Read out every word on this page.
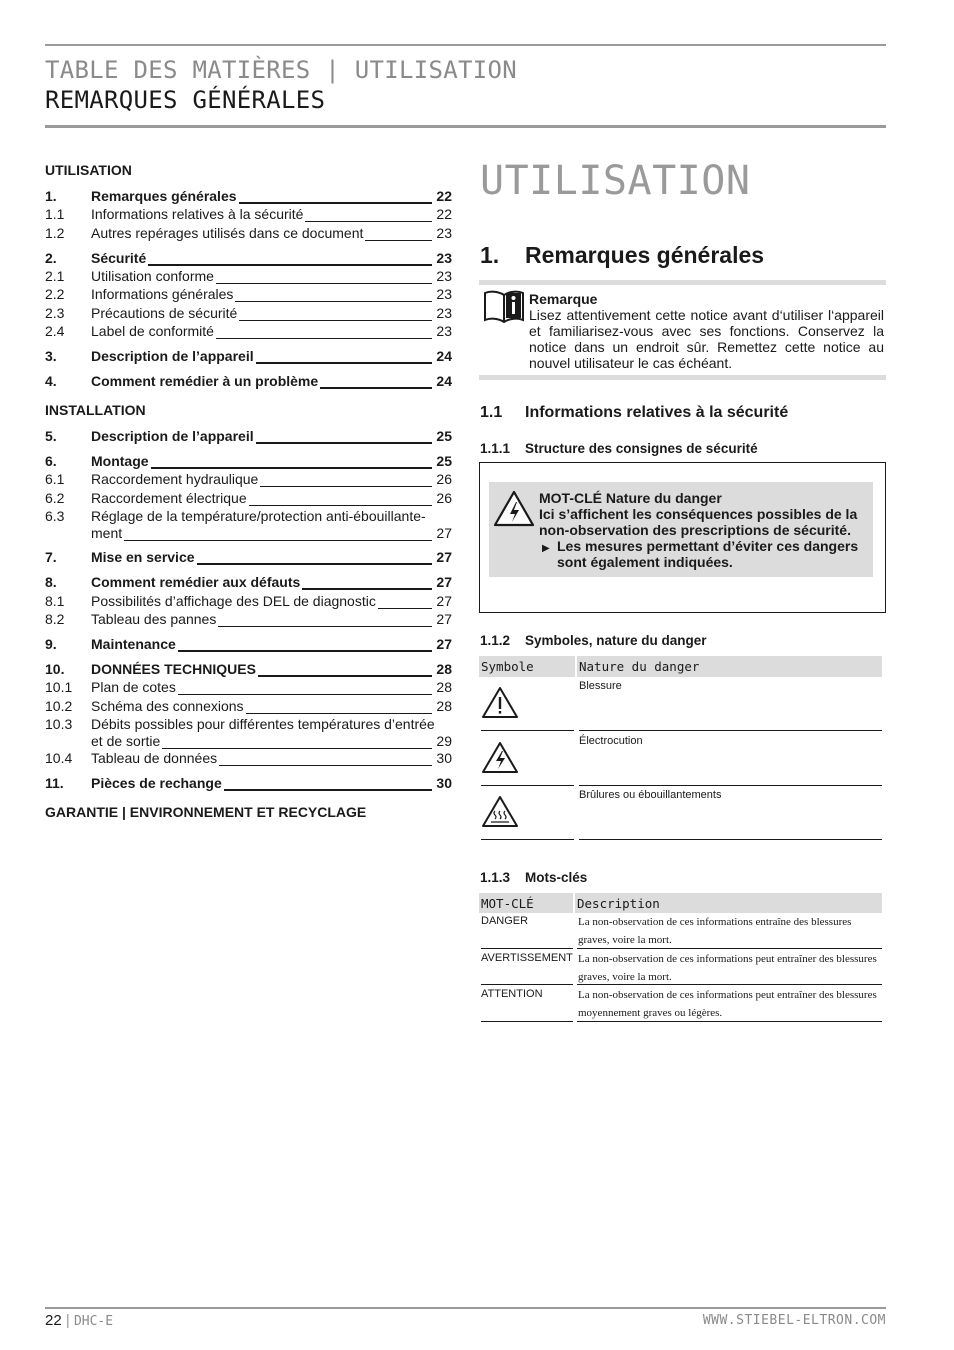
TABLE DES MATIÈRES | UTILISATION
REMARQUES GÉNÉRALES
UTILISATION
1. Remarques générales	22
1.1 Informations relatives à la sécurité	22
1.2 Autres repérages utilisés dans ce document	23
2. Sécurité	23
2.1 Utilisation conforme	23
2.2 Informations générales	23
2.3 Précautions de sécurité	23
2.4 Label de conformité	23
3. Description de l’appareil	24
4. Comment remédier à un problème	24
INSTALLATION
5. Description de l’appareil	25
6. Montage	25
6.1 Raccordement hydraulique	26
6.2 Raccordement électrique	26
6.3 Réglage de la température/protection anti-ébouillante-
ment	27
7. Mise en service	27
8. Comment remédier aux défauts	27
8.1 Possibilités d’affichage des DEL de diagnostic	27
8.2 Tableau des pannes	27
9. Maintenance	27
10. DONNÉES TECHNIQUES	28
10.1 Plan de cotes	28
10.2 Schéma des connexions	28
10.3 Débits possibles pour différentes températures d’entrée
et de sortie	29
10.4 Tableau de données	30
11. Pièces de rechange	30
GARANTIE | ENVIRONNEMENT ET RECYCLAGE
UTILISATION
1. Remarques générales
Remarque
Lisez attentivement cette notice avant d‘utiliser l‘appareil et familiarisez-vous avec ses fonctions. Conservez la notice dans un endroit sûr. Remettez cette notice au nouvel utilisateur le cas échéant.
1.1 Informations relatives à la sécurité
1.1.1 Structure des consignes de sécurité
MOT-CLÉ Nature du danger
Ici s’affichent les conséquences possibles de la non-observation des prescriptions de sécurité.
▶ Les mesures permettant d’éviter ces dangers sont également indiquées.
1.1.2 Symboles, nature du danger
Symbole	Nature du danger
Blessure
Électrocution
Brûlures ou ébouillantements
1.1.3 Mots-clés
MOT-CLÉ	Description
DANGER	La non-observation de ces informations entraîne des blessures graves, voire la mort.
AVERTISSEMENT La non-observation de ces informations peut entraîner des blessures graves, voire la mort.
ATTENTION	La non-observation de ces informations peut entraîner des blessures moyennement graves ou légères.
22 | DHC-E	WWW.STIEBEL-ELTRON.COM
